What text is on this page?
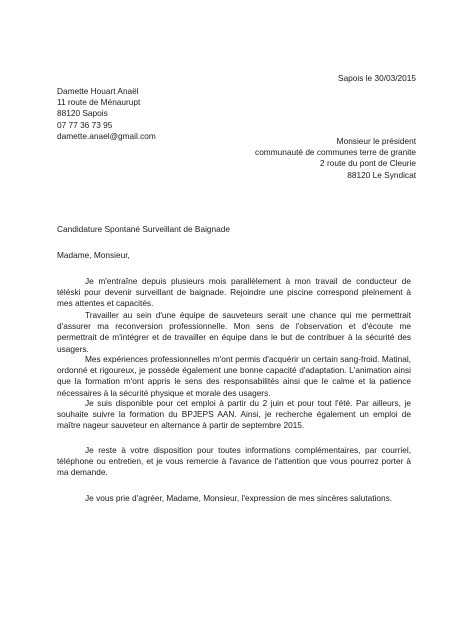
Sapois le 30/03/2015
Damette Houart Anaël
11 route de Ménaurupt
88120 Sapois
07 77 36 73 95
damette.anael@gmail.com
Monsieur le président
communauté de communes terre de granite
2 route du pont de Cleurie
88120 Le Syndicat
Candidature Spontané Surveillant de Baignade
Madame, Monsieur,

Je m'entraîne depuis plusieurs mois parallèlement à mon travail de conducteur de téléski pour devenir surveillant de baignade. Rejoindre une piscine correspond pleinement à mes attentes et capacités.

Travailler au sein d'une équipe de sauveteurs serait une chance qui me permettrait d'assurer ma reconversion professionnelle. Mon sens de l'observation et d'écoute me permettrait de m'intégrer et de travailler en équipe dans le but de contribuer à la sécurité des usagers.

Mes expériences professionnelles m'ont permis d'acquérir un certain sang-froid. Matinal, ordonné et rigoureux, je possède également une bonne capacité d'adaptation. L'animation ainsi que la formation m'ont appris le sens des responsabilités ainsi que le calme et la patience nécessaires à la sécurité physique et morale des usagers.

Je suis disponible pour cet emploi à partir du 2 juin et pour tout l'été. Par ailleurs, je souhaite suivre la formation du BPJEPS AAN. Ainsi, je recherche également un emploi de maître nageur sauveteur en alternance à partir de septembre 2015.

Je reste à votre disposition pour toutes informations complémentaires, par courriel, téléphone ou entretien, et je vous remercie à l'avance de l'attention que vous pourrez porter à ma demande.

Je vous prie d'agréer, Madame, Monsieur, l'expression de mes sincères salutations.
